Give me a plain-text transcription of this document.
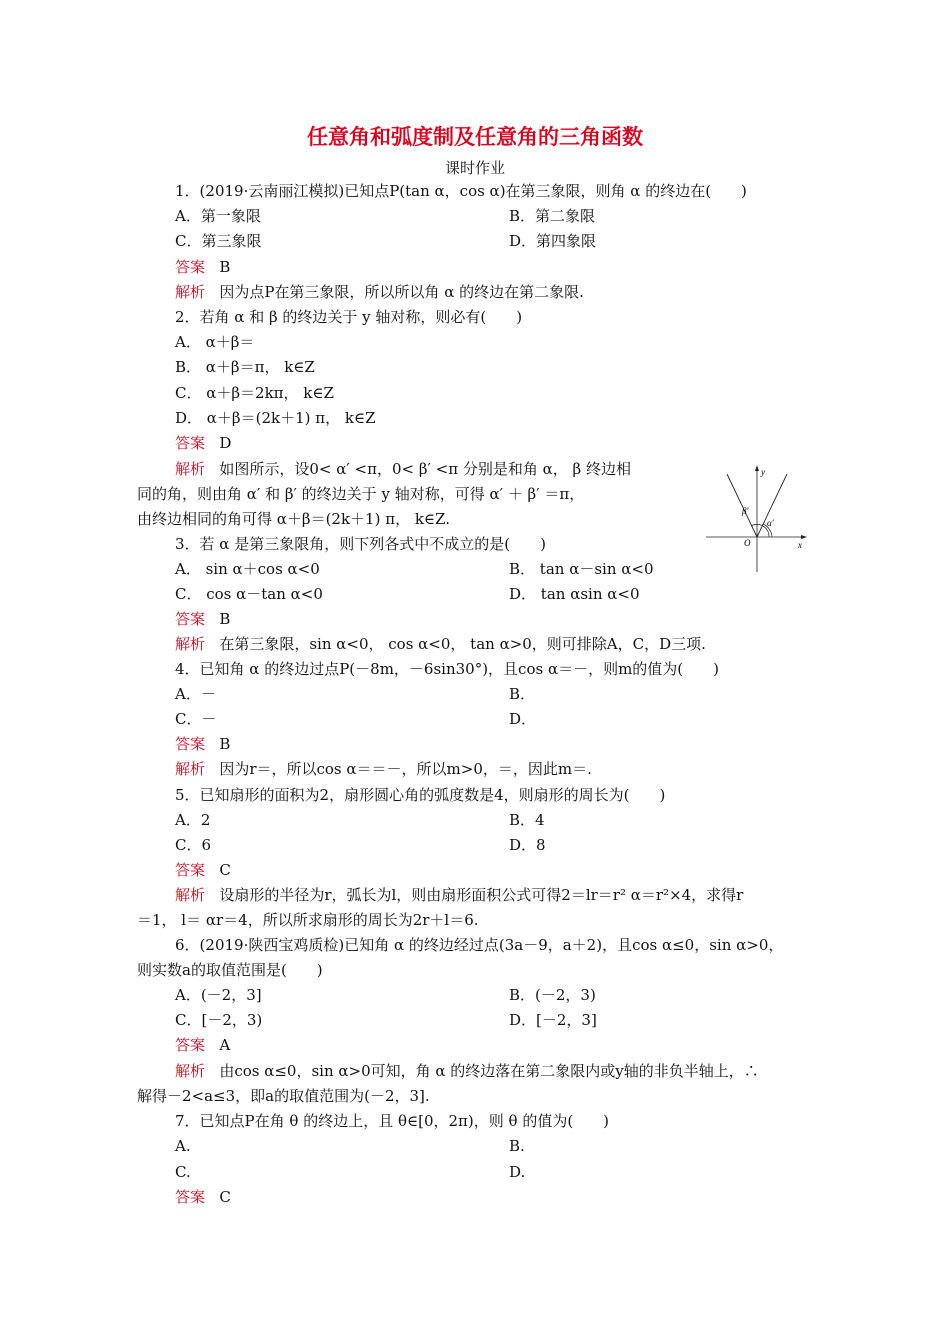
任意角和弧度制及任意角的三角函数
课时作业
1．(2019·云南丽江模拟)已知点P(tan α，cos α)在第三象限，则角 α 的终边在(　　)
A．第一象限	B．第二象限
C．第三象限	D．第四象限
答案 B
解析 因为点P在第三象限，所以所以角 α 的终边在第二象限.
2．若角 α 和 β 的终边关于 y 轴对称，则必有(　　)
A． α＋β＝
B． α＋β＝π， k∈Z
C． α＋β＝2kπ， k∈Z
D． α＋β＝(2k＋1) π， k∈Z
答案 D
解析 如图所示，设0< α′ <π，0< β′ <π 分别是和角 α， β 终边相
同的角，则由角 α′ 和 β′ 的终边关于 y 轴对称，可得 α′ ＋ β′ ＝π，
由终边相同的角可得 α＋β＝(2k＋1) π， k∈Z.
y
x
O
β′
α′
3．若 α 是第三象限角，则下列各式中不成立的是(　　)
A． sin α＋cos α<0	B． tan α－sin α<0
C． cos α－tan α<0	D． tan αsin α<0
答案 B
解析 在第三象限，sin α<0， cos α<0， tan α>0，则可排除A，C，D三项.
4．已知角 α 的终边过点P(－8m，－6sin30°)，且cos α＝－，则m的值为(　　)
A．－	B．
C．－	D．
答案 B
解析 因为r＝，所以cos α＝＝－，所以m>0，＝，因此m＝.
5．已知扇形的面积为2，扇形圆心角的弧度数是4，则扇形的周长为(　　)
A．2	B．4
C．6	D．8
答案 C
解析 设扇形的半径为r，弧长为l，则由扇形面积公式可得2＝lr＝r² α＝r²×4，求得r
＝1， l＝ αr＝4，所以所求扇形的周长为2r＋l＝6.
6．(2019·陕西宝鸡质检)已知角 α 的终边经过点(3a－9，a＋2)，且cos α≤0，sin α>0，
则实数a的取值范围是(　　)
A．(－2，3]	B．(－2，3)
C．[－2，3)	D．[－2，3]
答案 A
解析 由cos α≤0，sin α>0可知，角 α 的终边落在第二象限内或y轴的非负半轴上，∴
解得－2<a≤3，即a的取值范围为(－2，3].
7．已知点P在角 θ 的终边上，且 θ∈[0，2π)，则 θ 的值为(　　)
A.	B.
C.	D.
答案 C
